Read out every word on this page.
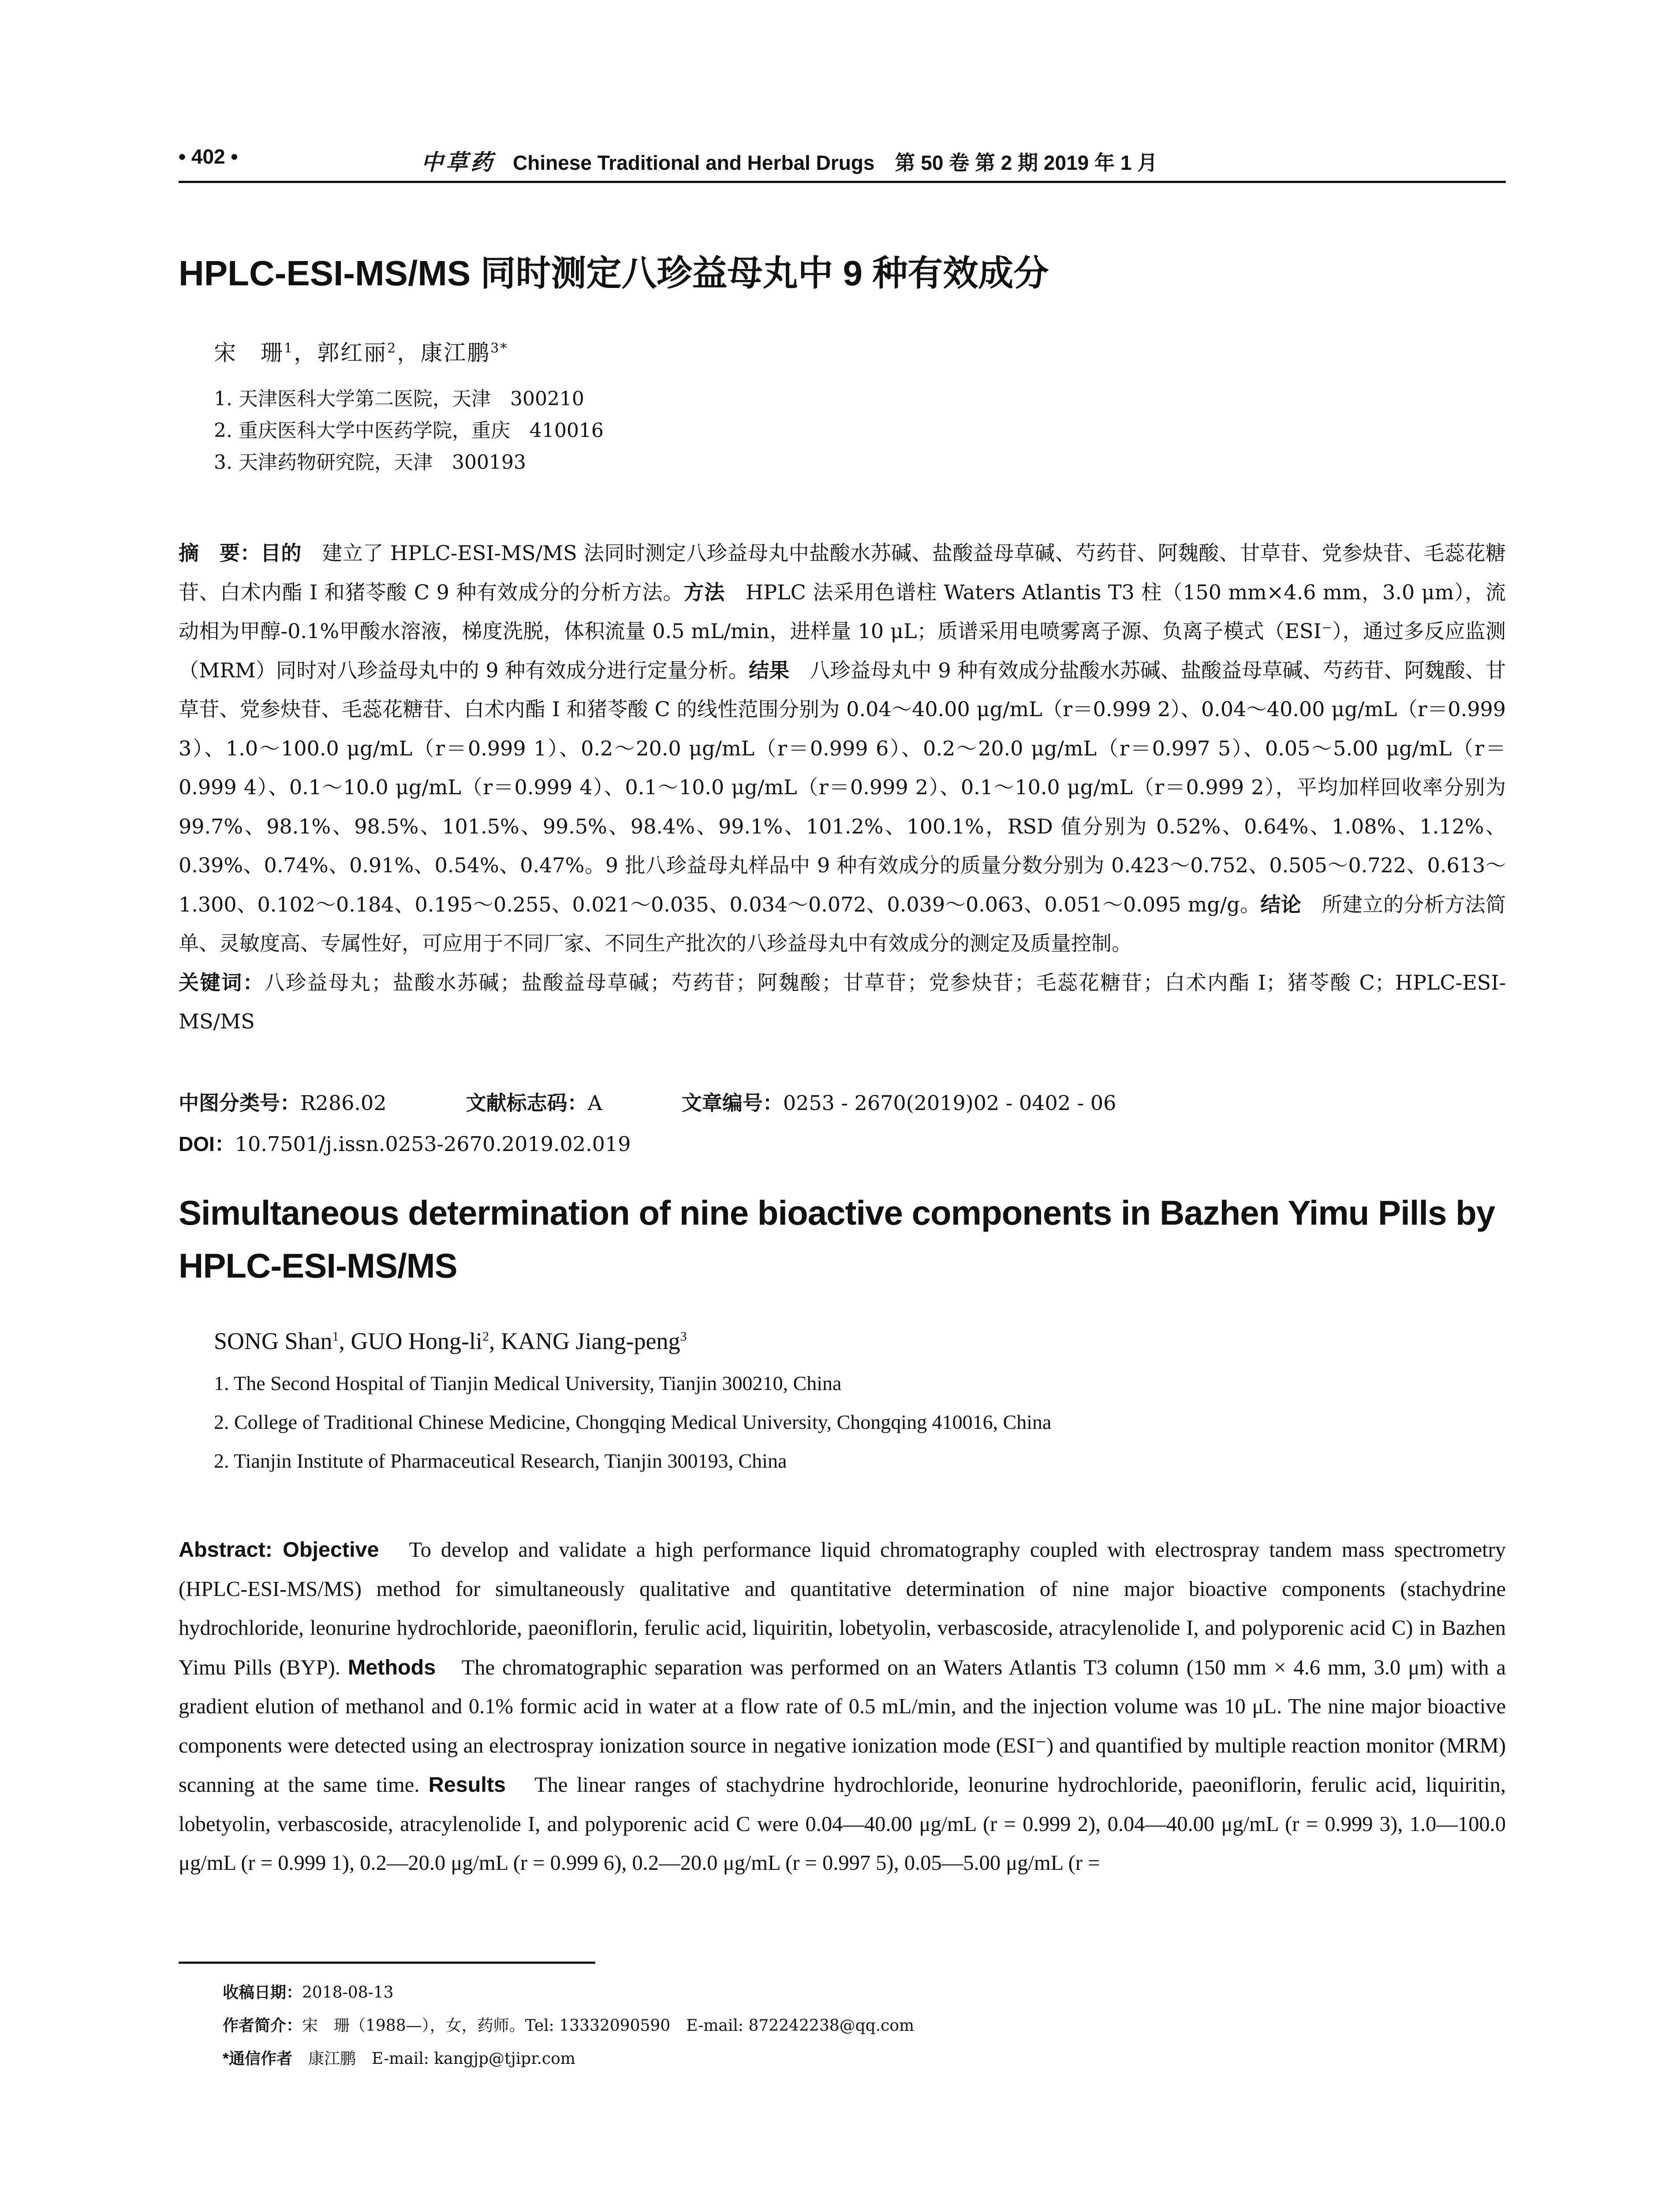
• 402 •	中草药 Chinese Traditional and Herbal Drugs　第 50 卷 第 2 期 2019 年 1 月
HPLC-ESI-MS/MS 同时测定八珍益母丸中 9 种有效成分
宋　珊$^1$，郭红丽$^2$，康江鹏$^{3*}$
1. 天津医科大学第二医院，天津　300210
2. 重庆医科大学中医药学院，重庆　410016
3. 天津药物研究院，天津　300193
摘　要：目的　建立了 HPLC-ESI-MS/MS 法同时测定八珍益母丸中盐酸水苏碱、盐酸益母草碱、芍药苷、阿魏酸、甘草苷、党参炔苷、毛蕊花糖苷、白术内酯 I 和猪苓酸 C 9 种有效成分的分析方法。方法　HPLC 法采用色谱柱 Waters Atlantis T3 柱（150 mm×4.6 mm，3.0 μm），流动相为甲醇-0.1%甲酸水溶液，梯度洗脱，体积流量 0.5 mL/min，进样量 10 μL；质谱采用电喷雾离子源、负离子模式（ESI⁻），通过多反应监测（MRM）同时对八珍益母丸中的 9 种有效成分进行定量分析。结果　八珍益母丸中 9 种有效成分盐酸水苏碱、盐酸益母草碱、芍药苷、阿魏酸、甘草苷、党参炔苷、毛蕊花糖苷、白术内酯 I 和猪苓酸 C 的线性范围分别为 0.04～40.00 μg/mL（r＝0.999 2）、0.04～40.00 μg/mL（r＝0.999 3）、1.0～100.0 μg/mL（r＝0.999 1）、0.2～20.0 μg/mL（r＝0.999 6）、0.2～20.0 μg/mL（r＝0.997 5）、0.05～5.00 μg/mL（r＝0.999 4）、0.1～10.0 μg/mL（r＝0.999 4）、0.1～10.0 μg/mL（r＝0.999 2）、0.1～10.0 μg/mL（r＝0.999 2），平均加样回收率分别为 99.7%、98.1%、98.5%、101.5%、99.5%、98.4%、99.1%、101.2%、100.1%，RSD 值分别为 0.52%、0.64%、1.08%、1.12%、0.39%、0.74%、0.91%、0.54%、0.47%。9 批八珍益母丸样品中 9 种有效成分的质量分数分别为 0.423～0.752、0.505～0.722、0.613～1.300、0.102～0.184、0.195～0.255、0.021～0.035、0.034～0.072、0.039～0.063、0.051～0.095 mg/g。结论　所建立的分析方法简单、灵敏度高、专属性好，可应用于不同厂家、不同生产批次的八珍益母丸中有效成分的测定及质量控制。
关键词：八珍益母丸；盐酸水苏碱；盐酸益母草碱；芍药苷；阿魏酸；甘草苷；党参炔苷；毛蕊花糖苷；白术内酯 I；猪苓酸 C；HPLC-ESI-MS/MS
中图分类号：R286.02	文献标志码：A	文章编号：0253 - 2670(2019)02 - 0402 - 06
DOI：10.7501/j.issn.0253-2670.2019.02.019
Simultaneous determination of nine bioactive components in Bazhen Yimu Pills by HPLC-ESI-MS/MS
SONG Shan$^1$, GUO Hong-$li^2$, KANG Jiang-peng$^3$
1. The Second Hospital of Tianjin Medical University, Tianjin 300210, China
2. College of Traditional Chinese Medicine, Chongqing Medical University, Chongqing 410016, China
2. Tianjin Institute of Pharmaceutical Research, Tianjin 300193, China
Abstract: Objective　To develop and validate a high performance liquid chromatography coupled with electrospray tandem mass spectrometry (HPLC-ESI-MS/MS) method for simultaneously qualitative and quantitative determination of nine major bioactive components (stachydrine hydrochloride, leonurine hydrochloride, paeoniflorin, ferulic acid, liquiritin, lobetyolin, verbascoside, atracylenolide I, and polyporenic acid C) in Bazhen Yimu Pills (BYP). Methods　The chromatographic separation was performed on an Waters Atlantis T3 column (150 mm × 4.6 mm, 3.0 μm) with a gradient elution of methanol and 0.1% formic acid in water at a flow rate of 0.5 mL/min, and the injection volume was 10 μL. The nine major bioactive components were detected using an electrospray ionization source in negative ionization mode (ESI⁻) and quantified by multiple reaction monitor (MRM) scanning at the same time. Results　The linear ranges of stachydrine hydrochloride, leonurine hydrochloride, paeoniflorin, ferulic acid, liquiritin, lobetyolin, verbascoside, atracylenolide I, and polyporenic acid C were 0.04—40.00 μg/mL (r = 0.999 2), 0.04—40.00 μg/mL (r = 0.999 3), 1.0—100.0 μg/mL (r = 0.999 1), 0.2—20.0 μg/mL (r = 0.999 6), 0.2—20.0 μg/mL (r = 0.997 5), 0.05—5.00 μg/mL (r =
收稿日期：2018-08-13
作者简介：宋　珊（1988—），女，药师。Tel: 13332090590　E-mail: 872242238@qq.com
*通信作者　康江鹏　E-mail: kangjp@tjipr.com
